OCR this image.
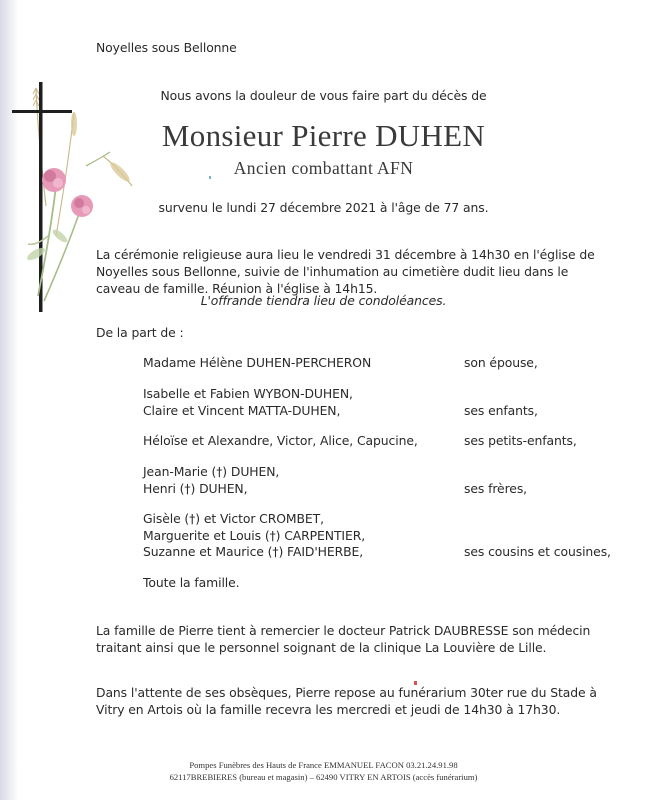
Noyelles sous Bellonne
Nous avons la douleur de vous faire part du décès de
Monsieur Pierre DUHEN
Ancien combattant AFN
survenu le lundi 27 décembre 2021 à l'âge de 77 ans.
La cérémonie religieuse aura lieu le vendredi 31 décembre à 14h30 en l'église de Noyelles sous Bellonne, suivie de l'inhumation au cimetière dudit lieu dans le caveau de famille. Réunion à l'église à 14h15.
L'offrande tiendra lieu de condoléances.
De la part de :
Madame Hélène DUHEN-PERCHERON	son épouse,
Isabelle et Fabien WYBON-DUHEN,
Claire et Vincent MATTA-DUHEN,	ses enfants,
Héloïse et Alexandre, Victor, Alice, Capucine,	ses petits-enfants,
Jean-Marie (†) DUHEN,
Henri (†) DUHEN,	ses frères,
Gisèle (†) et Victor CROMBET,
Marguerite et Louis (†) CARPENTIER,
Suzanne et Maurice (†) FAID'HERBE,	ses cousins et cousines,
Toute la famille.
La famille de Pierre tient à remercier le docteur Patrick DAUBRESSE son médecin traitant ainsi que le personnel soignant de la clinique La Louvière de Lille.
Dans l'attente de ses obsèques, Pierre repose au funérarium 30ter rue du Stade à Vitry en Artois où la famille recevra les mercredi et jeudi de 14h30 à 17h30.
Pompes Funèbres des Hauts de France EMMANUEL FACON 03.21.24.91.98
62117BREBIERES (bureau et magasin) – 62490 VITRY EN ARTOIS (accès funérarium)
